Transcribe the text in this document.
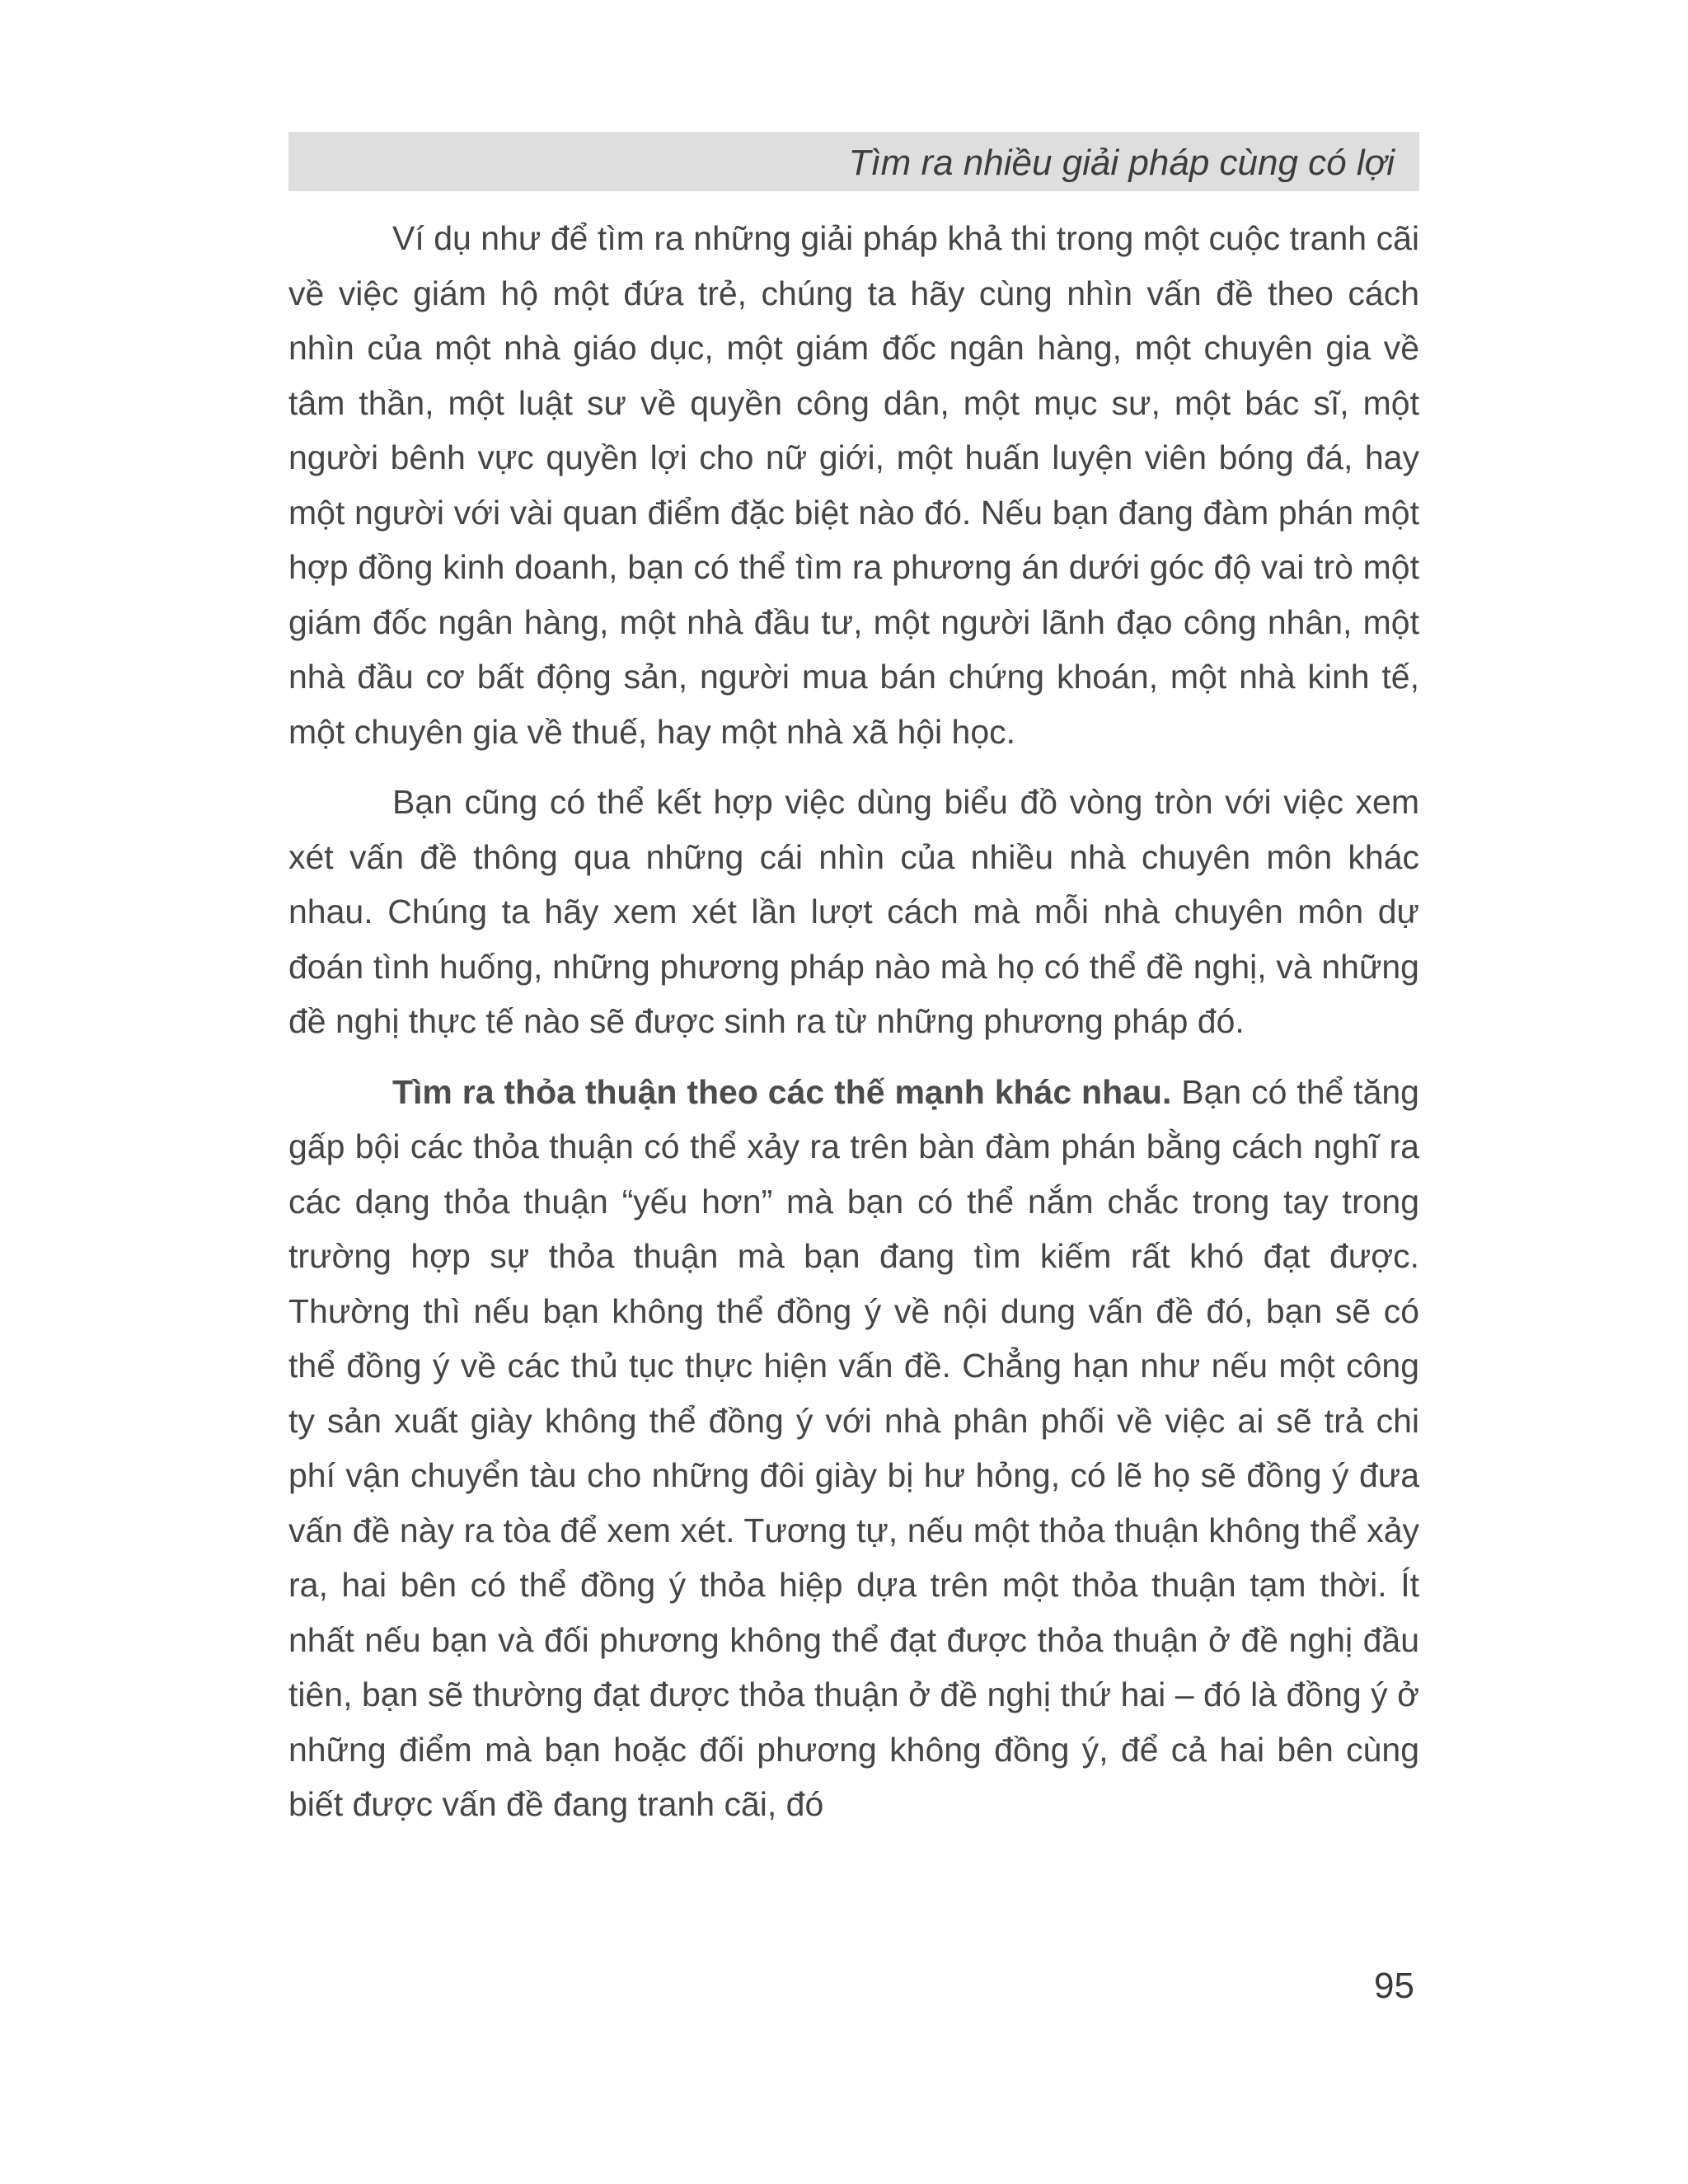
Tìm ra nhiều giải pháp cùng có lợi

Ví dụ như để tìm ra những giải pháp khả thi trong một cuộc tranh cãi về việc giám hộ một đứa trẻ, chúng ta hãy cùng nhìn vấn đề theo cách nhìn của một nhà giáo dục, một giám đốc ngân hàng, một chuyên gia về tâm thần, một luật sư về quyền công dân, một mục sư, một bác sĩ, một người bênh vực quyền lợi cho nữ giới, một huấn luyện viên bóng đá, hay một người với vài quan điểm đặc biệt nào đó. Nếu bạn đang đàm phán một hợp đồng kinh doanh, bạn có thể tìm ra phương án dưới góc độ vai trò một giám đốc ngân hàng, một nhà đầu tư, một người lãnh đạo công nhân, một nhà đầu cơ bất động sản, người mua bán chứng khoán, một nhà kinh tế, một chuyên gia về thuế, hay một nhà xã hội học.

Bạn cũng có thể kết hợp việc dùng biểu đồ vòng tròn với việc xem xét vấn đề thông qua những cái nhìn của nhiều nhà chuyên môn khác nhau. Chúng ta hãy xem xét lần lượt cách mà mỗi nhà chuyên môn dự đoán tình huống, những phương pháp nào mà họ có thể đề nghị, và những đề nghị thực tế nào sẽ được sinh ra từ những phương pháp đó.

Tìm ra thỏa thuận theo các thế mạnh khác nhau. Bạn có thể tăng gấp bội các thỏa thuận có thể xảy ra trên bàn đàm phán bằng cách nghĩ ra các dạng thỏa thuận “yếu hơn” mà bạn có thể nắm chắc trong tay trong trường hợp sự thỏa thuận mà bạn đang tìm kiếm rất khó đạt được. Thường thì nếu bạn không thể đồng ý về nội dung vấn đề đó, bạn sẽ có thể đồng ý về các thủ tục thực hiện vấn đề. Chẳng hạn như nếu một công ty sản xuất giày không thể đồng ý với nhà phân phối về việc ai sẽ trả chi phí vận chuyển tàu cho những đôi giày bị hư hỏng, có lẽ họ sẽ đồng ý đưa vấn đề này ra tòa để xem xét. Tương tự, nếu một thỏa thuận không thể xảy ra, hai bên có thể đồng ý thỏa hiệp dựa trên một thỏa thuận tạm thời. Ít nhất nếu bạn và đối phương không thể đạt được thỏa thuận ở đề nghị đầu tiên, bạn sẽ thường đạt được thỏa thuận ở đề nghị thứ hai – đó là đồng ý ở những điểm mà bạn hoặc đối phương không đồng ý, để cả hai bên cùng biết được vấn đề đang tranh cãi, đó

95
